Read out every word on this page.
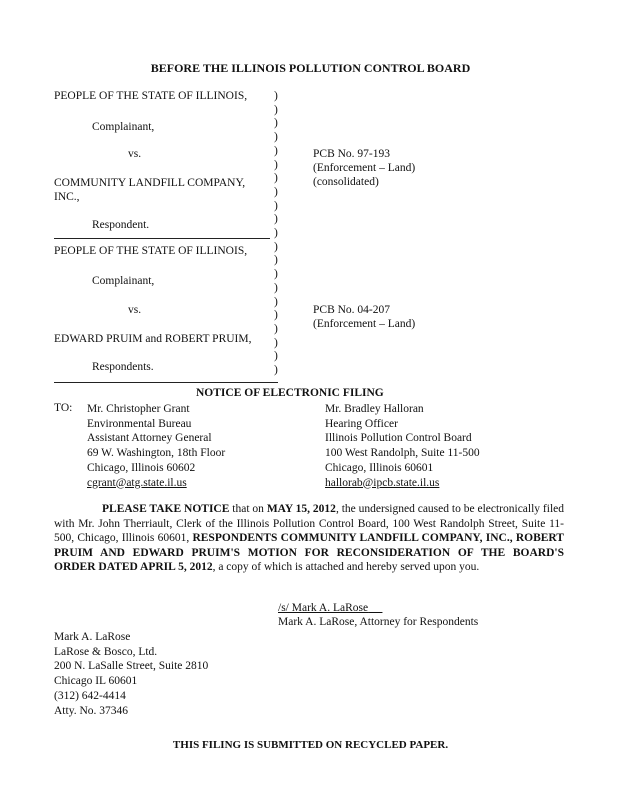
BEFORE THE ILLINOIS POLLUTION CONTROL BOARD
PEOPLE OF THE STATE OF ILLINOIS,
Complainant,
vs.
COMMUNITY LANDFILL COMPANY,
INC.,
Respondent.
PCB No. 97-193
(Enforcement – Land)
(consolidated)
PEOPLE OF THE STATE OF ILLINOIS,
Complainant,
vs.
EDWARD PRUIM and ROBERT PRUIM,
Respondents.
PCB No. 04-207
(Enforcement – Land)
)
)
)
)
)
)
)
)
)
)
)
)
)
)
)
)
)
)
)
)
)
NOTICE OF ELECTRONIC FILING
TO: Mr. Christopher Grant
Environmental Bureau
Assistant Attorney General
69 W. Washington, 18th Floor
Chicago, Illinois 60602
cgrant@atg.state.il.us
Mr. Bradley Halloran
Hearing Officer
Illinois Pollution Control Board
100 West Randolph, Suite 11-500
Chicago, Illinois 60601
hallorab@ipcb.state.il.us
PLEASE TAKE NOTICE that on MAY 15, 2012, the undersigned caused to be electronically filed with Mr. John Therriault, Clerk of the Illinois Pollution Control Board, 100 West Randolph Street, Suite 11-500, Chicago, Illinois 60601, RESPONDENTS COMMUNITY LANDFILL COMPANY, INC., ROBERT PRUIM AND EDWARD PRUIM'S MOTION FOR RECONSIDERATION OF THE BOARD'S ORDER DATED APRIL 5, 2012, a copy of which is attached and hereby served upon you.
/s/ Mark A. LaRose
Mark A. LaRose, Attorney for Respondents
Mark A. LaRose
LaRose & Bosco, Ltd.
200 N. LaSalle Street, Suite 2810
Chicago IL 60601
(312) 642-4414
Atty. No. 37346
THIS FILING IS SUBMITTED ON RECYCLED PAPER.
